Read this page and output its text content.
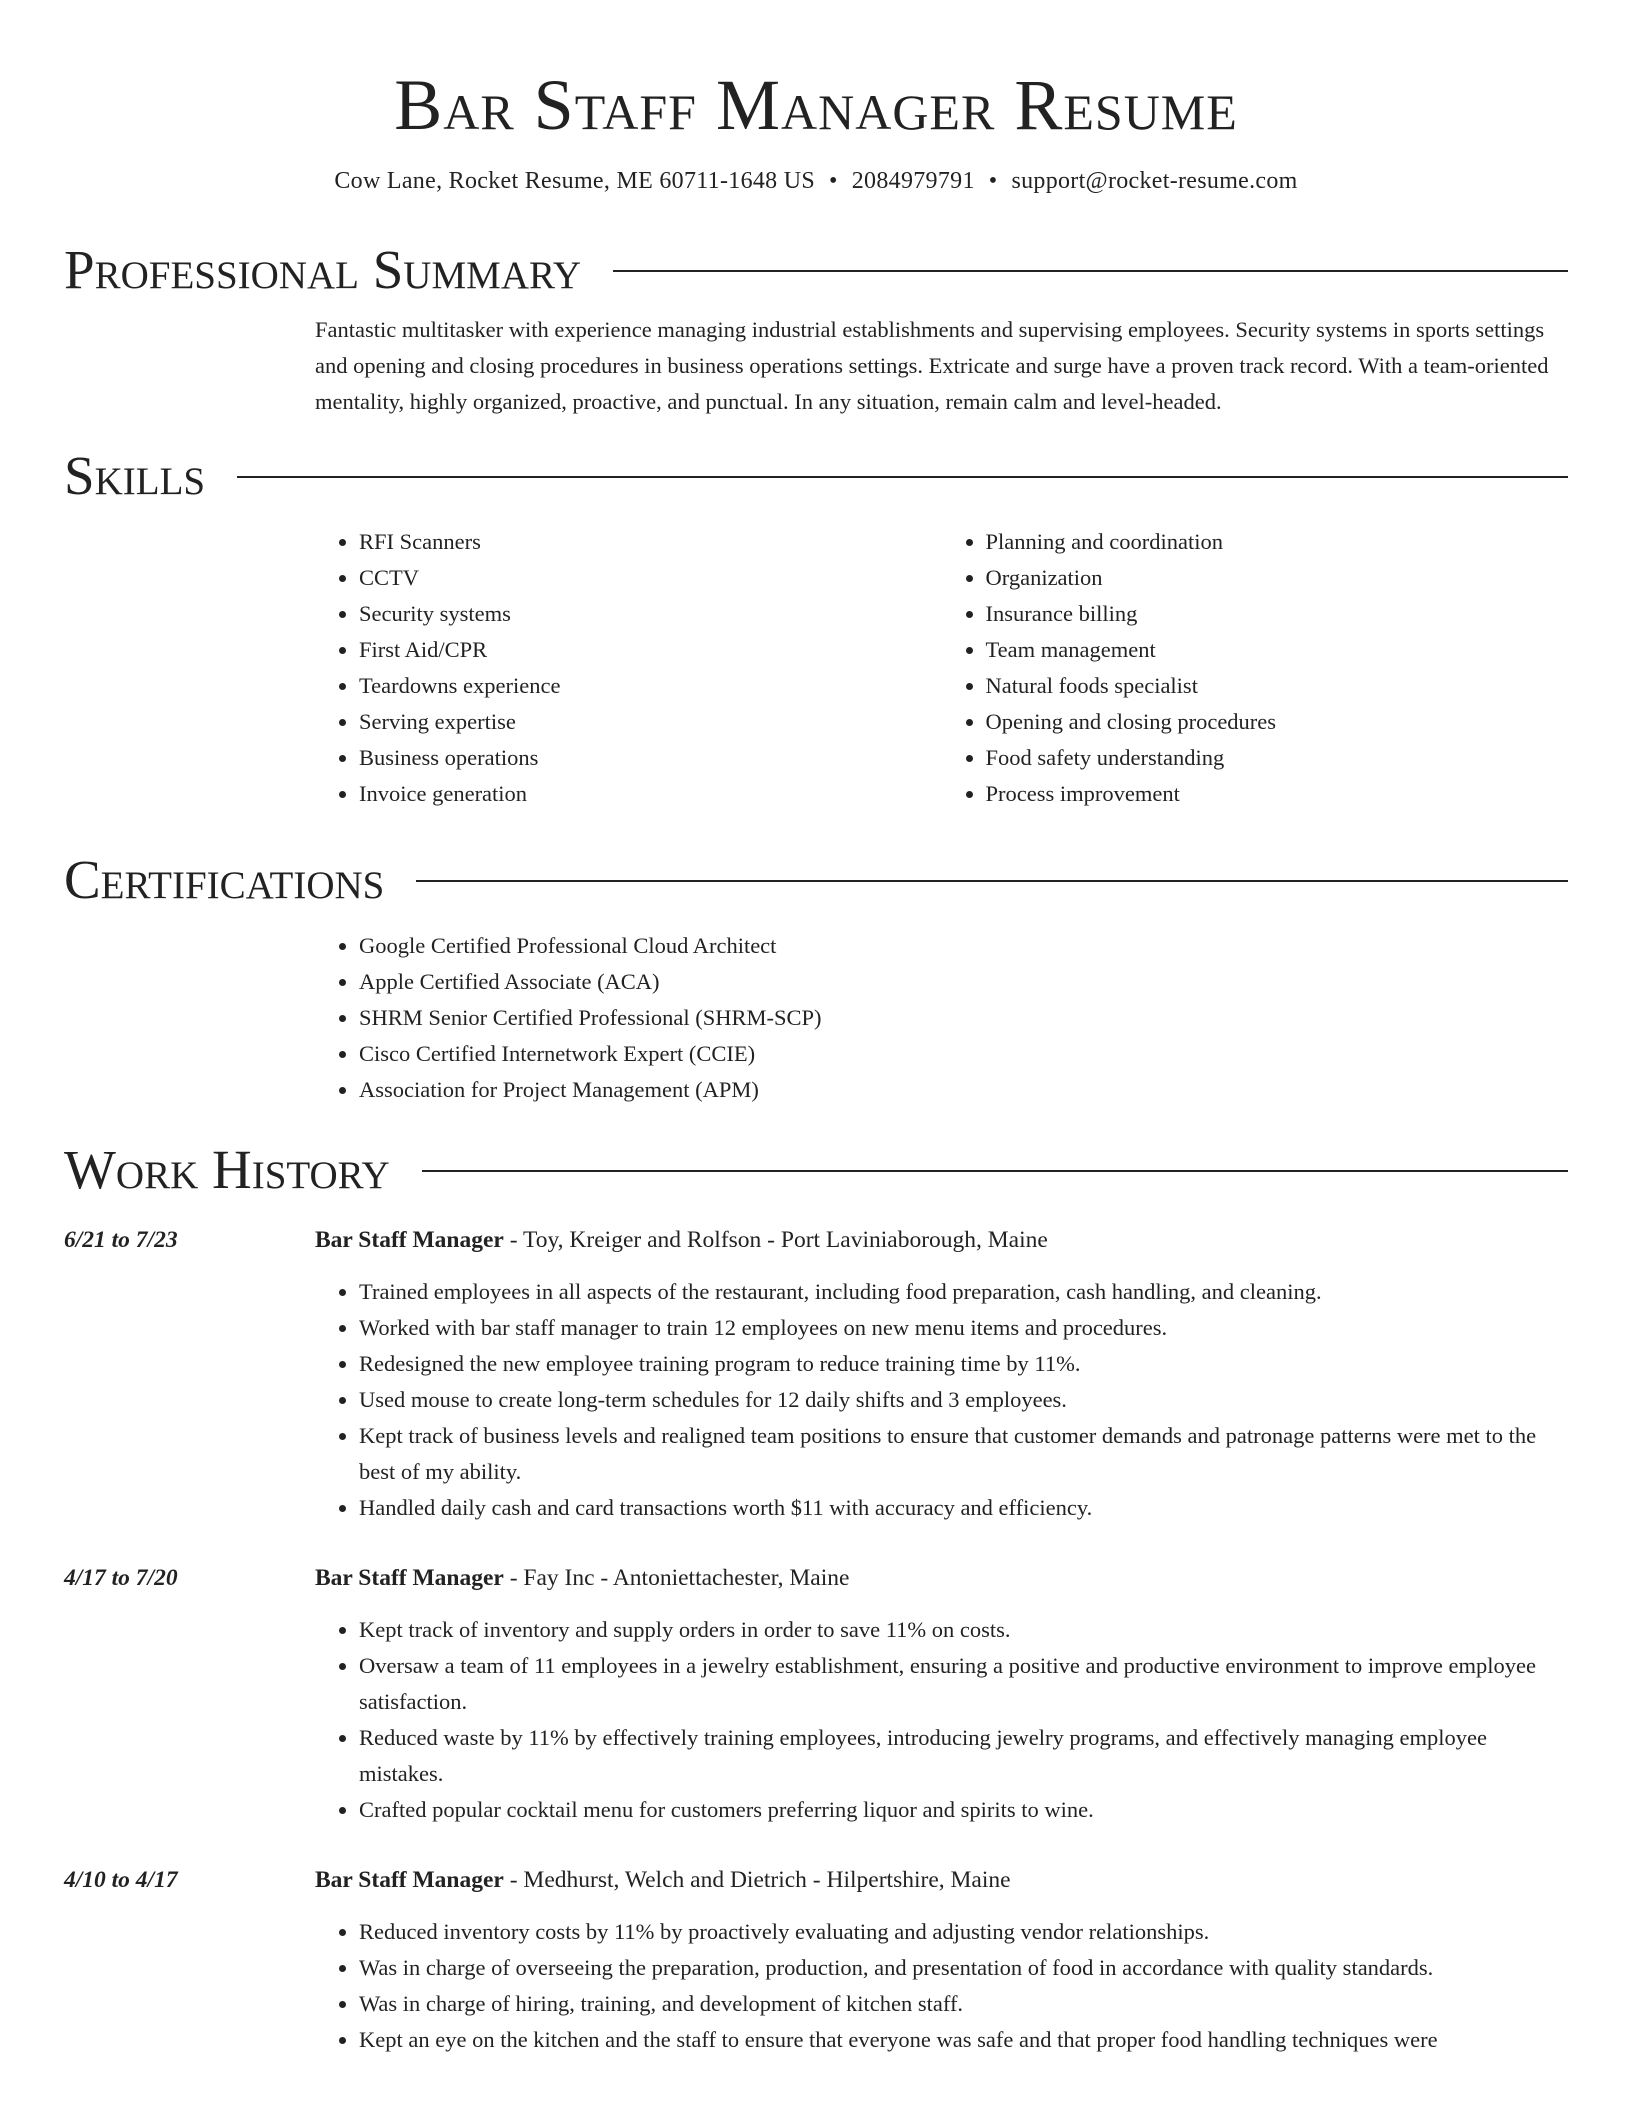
Bar Staff Manager Resume
Cow Lane, Rocket Resume, ME 60711-1648 US • 2084979791 • support@rocket-resume.com
Professional Summary

Fantastic multitasker with experience managing industrial establishments and supervising employees. Security systems in sports settings and opening and closing procedures in business operations settings. Extricate and surge have a proven track record. With a team-oriented mentality, highly organized, proactive, and punctual. In any situation, remain calm and level-headed.

Skills
• RFI Scanners
• CCTV
• Security systems
• First Aid/CPR
• Teardowns experience
• Serving expertise
• Business operations
• Invoice generation
• Planning and coordination
• Organization
• Insurance billing
• Team management
• Natural foods specialist
• Opening and closing procedures
• Food safety understanding
• Process improvement
Certifications
• Google Certified Professional Cloud Architect
• Apple Certified Associate (ACA)
• SHRM Senior Certified Professional (SHRM-SCP)
• Cisco Certified Internetwork Expert (CCIE)
• Association for Project Management (APM)
Work History
6/21 to 7/23	Bar Staff Manager - Toy, Kreiger and Rolfson - Port Laviniaborough, Maine
• Trained employees in all aspects of the restaurant, including food preparation, cash handling, and cleaning.
• Worked with bar staff manager to train 12 employees on new menu items and procedures.
• Redesigned the new employee training program to reduce training time by 11%.
• Used mouse to create long-term schedules for 12 daily shifts and 3 employees.
• Kept track of business levels and realigned team positions to ensure that customer demands and patronage patterns were met to the best of my ability.
• Handled daily cash and card transactions worth $11 with accuracy and efficiency.
4/17 to 7/20	Bar Staff Manager - Fay Inc - Antoniettachester, Maine
• Kept track of inventory and supply orders in order to save 11% on costs.
• Oversaw a team of 11 employees in a jewelry establishment, ensuring a positive and productive environment to improve employee satisfaction.
• Reduced waste by 11% by effectively training employees, introducing jewelry programs, and effectively managing employee mistakes.
• Crafted popular cocktail menu for customers preferring liquor and spirits to wine.
4/10 to 4/17	Bar Staff Manager - Medhurst, Welch and Dietrich - Hilpertshire, Maine
• Reduced inventory costs by 11% by proactively evaluating and adjusting vendor relationships.
• Was in charge of overseeing the preparation, production, and presentation of food in accordance with quality standards.
• Was in charge of hiring, training, and development of kitchen staff.
• Kept an eye on the kitchen and the staff to ensure that everyone was safe and that proper food handling techniques were
